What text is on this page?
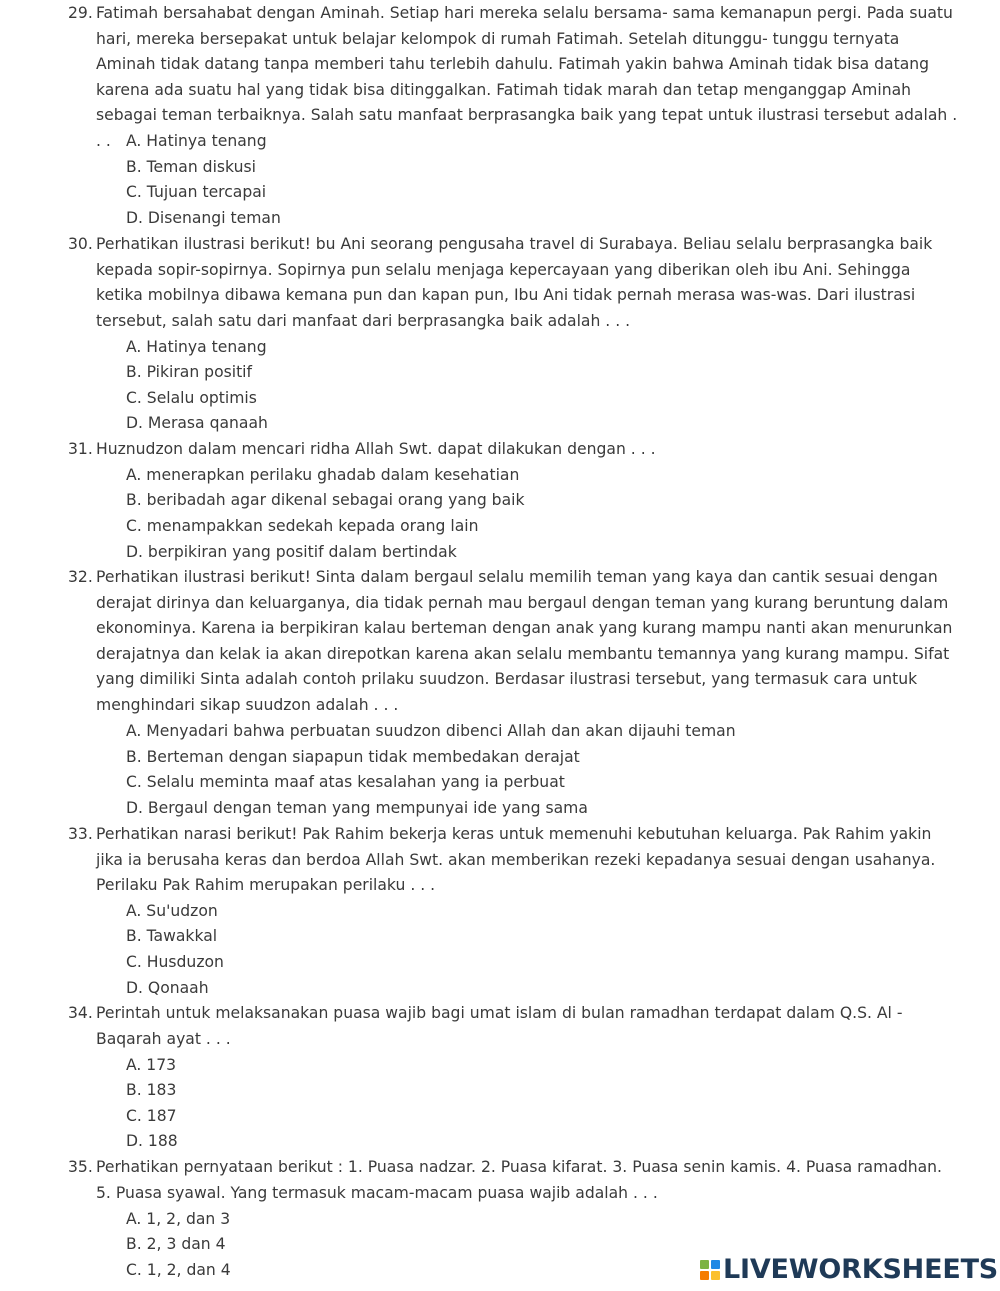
29. Fatimah bersahabat dengan Aminah. Setiap hari mereka selalu bersama- sama kemanapun pergi. Pada suatu hari, mereka bersepakat untuk belajar kelompok di rumah Fatimah. Setelah ditunggu- tunggu ternyata Aminah tidak datang tanpa memberi tahu terlebih dahulu. Fatimah yakin bahwa Aminah tidak bisa datang karena ada suatu hal yang tidak bisa ditinggalkan. Fatimah tidak marah dan tetap menganggap Aminah sebagai teman terbaiknya. Salah satu manfaat berprasangka baik yang tepat untuk ilustrasi tersebut adalah . . . A. Hatinya tenang
B. Teman diskusi
C. Tujuan tercapai
D. Disenangi teman
30. Perhatikan ilustrasi berikut! bu Ani seorang pengusaha travel di Surabaya. Beliau selalu berprasangka baik kepada sopir-sopirnya. Sopirnya pun selalu menjaga kepercayaan yang diberikan oleh ibu Ani. Sehingga ketika mobilnya dibawa kemana pun dan kapan pun, Ibu Ani tidak pernah merasa was-was. Dari ilustrasi tersebut, salah satu dari manfaat dari berprasangka baik adalah . . .
A. Hatinya tenang
B. Pikiran positif
C. Selalu optimis
D. Merasa qanaah
31. Huznudzon dalam mencari ridha Allah Swt. dapat dilakukan dengan . . .
A. menerapkan perilaku ghadab dalam kesehatian
B. beribadah agar dikenal sebagai orang yang baik
C. menampakkan sedekah kepada orang lain
D. berpikiran yang positif dalam bertindak
32. Perhatikan ilustrasi berikut! Sinta dalam bergaul selalu memilih teman yang kaya dan cantik sesuai dengan derajat dirinya dan keluarganya, dia tidak pernah mau bergaul dengan teman yang kurang beruntung dalam ekonominya. Karena ia berpikiran kalau berteman dengan anak yang kurang mampu nanti akan menurunkan derajatnya dan kelak ia akan direpotkan karena akan selalu membantu temannya yang kurang mampu. Sifat yang dimiliki Sinta adalah contoh prilaku suudzon. Berdasar ilustrasi tersebut, yang termasuk cara untuk menghindari sikap suudzon adalah . . .
A. Menyadari bahwa perbuatan suudzon dibenci Allah dan akan dijauhi teman
B. Berteman dengan siapapun tidak membedakan derajat
C. Selalu meminta maaf atas kesalahan yang ia perbuat
D. Bergaul dengan teman yang mempunyai ide yang sama
33. Perhatikan narasi berikut! Pak Rahim bekerja keras untuk memenuhi kebutuhan keluarga. Pak Rahim yakin jika ia berusaha keras dan berdoa Allah Swt. akan memberikan rezeki kepadanya sesuai dengan usahanya. Perilaku Pak Rahim merupakan perilaku . . .
A. Su'udzon
B. Tawakkal
C. Husduzon
D. Qonaah
34. Perintah untuk melaksanakan puasa wajib bagi umat islam di bulan ramadhan terdapat dalam Q.S. Al - Baqarah ayat . . .
A. 173
B. 183
C. 187
D. 188
35. Perhatikan pernyataan berikut : 1. Puasa nadzar. 2. Puasa kifarat. 3. Puasa senin kamis. 4. Puasa ramadhan. 5. Puasa syawal. Yang termasuk macam-macam puasa wajib adalah . . .
A. 1, 2, dan 3
B. 2, 3 dan 4
C. 1, 2, dan 4	LIVEWORKSHEETS
